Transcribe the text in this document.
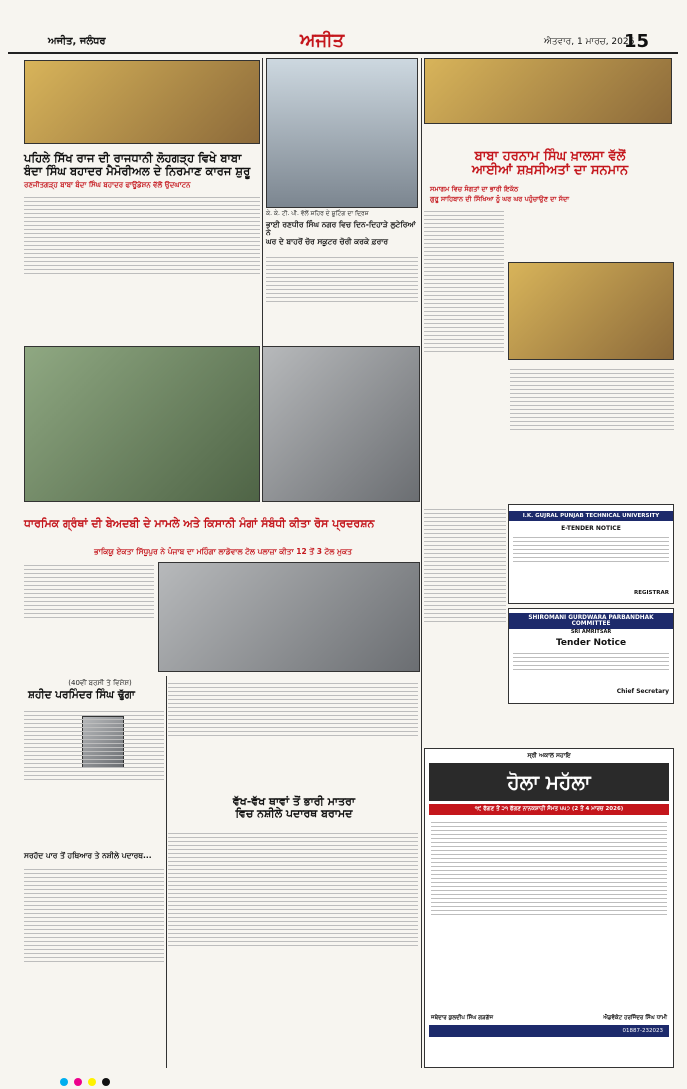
ਅਜੀਤ, ਜਲੰਧਰ	ਅਜੀਤ	ਐਤਵਾਰ, 1 ਮਾਰਚ, 2026
15
ਪਹਿਲੇ ਸਿੱਖ ਰਾਜ ਦੀ ਰਾਜਧਾਨੀ ਲੋਹਗੜ੍ਹ ਵਿਖੇ ਬਾਬਾ
ਬੰਦਾ ਸਿੰਘ ਬਹਾਦਰ ਮੈਮੋਰੀਅਲ ਦੇ ਨਿਰਮਾਣ ਕਾਰਜ ਸ਼ੁਰੂ
ਰਣਜੀਤਗੜ੍ਹ ਬਾਬਾ ਬੰਦਾ ਸਿੰਘ ਬਹਾਦਰ ਫਾਊਂਡੇਸ਼ਨ ਵੱਲੋਂ ਉਦਘਾਟਨ
ਕੇ. ਕੇ. ਟੀ. ਪੀ. ਵੱਲੋਂ ਸ਼ਹਿਰ ਦੇ ਸ਼ੂਟਿੰਗ ਦਾ ਦ੍ਰਿਸ਼
ਭਾਈ ਰਣਧੀਰ ਸਿੰਘ ਨਗਰ ਵਿਚ ਦਿਨ-ਦਿਹਾੜੇ ਲੁਟੇਰਿਆਂ ਨੇ
ਘਰ ਦੇ ਬਾਹਰੋਂ ਚੋਰ ਸਕੂਟਰ ਚੋਰੀ ਕਰਕੇ ਫ਼ਰਾਰ
ਬਾਬਾ ਹਰਨਾਮ ਸਿੰਘ ਖ਼ਾਲਸਾ ਵੱਲੋਂ
ਆਈਆਂ ਸ਼ਖ਼ਸੀਅਤਾਂ ਦਾ ਸਨਮਾਨ
ਸਮਾਗਮ ਵਿਚ ਸੰਗਤਾਂ ਦਾ ਭਾਰੀ ਇਕੱਠ
ਗੁਰੂ ਸਾਹਿਬਾਨ ਦੀ ਸਿੱਖਿਆ ਨੂੰ ਘਰ ਘਰ ਪਹੁੰਚਾਉਣ ਦਾ ਸੱਦਾ
ਧਾਰਮਿਕ ਗ੍ਰੰਥਾਂ ਦੀ ਬੇਅਦਬੀ ਦੇ ਮਾਮਲੇ ਅਤੇ ਕਿਸਾਨੀ ਮੰਗਾਂ ਸੰਬੰਧੀ ਕੀਤਾ ਰੋਸ ਪ੍ਰਦਰਸ਼ਨ
ਭਾਕਿਯੂ ਏਕਤਾ ਸਿੱਧੂਪੁਰ ਨੇ ਪੰਜਾਬ ਦਾ ਮਹਿੰਗਾ ਲਾਡੋਵਾਲ ਟੋਲ ਪਲਾਜ਼ਾ ਕੀਤਾ 12 ਤੋਂ 3 ਟੋਲ ਮੁਕਤ
(40ਵੀਂ ਬਰਸੀ ਤੇ ਵਿਸ਼ੇਸ਼)
ਸ਼ਹੀਦ ਪਰਮਿੰਦਰ ਸਿੰਘ ਢੁੱਗਾ
ਸਰਹੱਦ ਪਾਰ ਤੋਂ ਹਥਿਆਰ ਤੇ ਨਸ਼ੀਲੇ ਪਦਾਰਥ...
ਵੱਖ-ਵੱਖ ਥਾਵਾਂ ਤੋਂ ਭਾਰੀ ਮਾਤਰਾ
ਵਿਚ ਨਸ਼ੀਲੇ ਪਦਾਰਥ ਬਰਾਮਦ
I.K. GUJRAL PUNJAB TECHNICAL UNIVERSITY
E-TENDER NOTICE
REGISTRAR
SHIROMANI GURDWARA PARBANDHAK COMMITTEE
SRI AMRITSAR
Tender Notice
Chief Secretary
ਸ੍ਰੀ ਅਕਾਲ ਸਹਾਇ
ਹੋਲਾ ਮਹੱਲਾ
੧੯ ਫੱਗਣ ਤੋਂ ੨੧ ਫੱਗਣ ਨਾਨਕਸ਼ਾਹੀ ਸੰਮਤ ੫੫੭ (2 ਤੋਂ 4 ਮਾਰਚ 2026)
ਜਥੇਦਾਰ ਕੁਲਦੀਪ ਸਿੰਘ ਗੜਗੱਜ	ਐਡਵੋਕੇਟ ਹਰਜਿੰਦਰ ਸਿੰਘ ਧਾਮੀ
01887-232023
